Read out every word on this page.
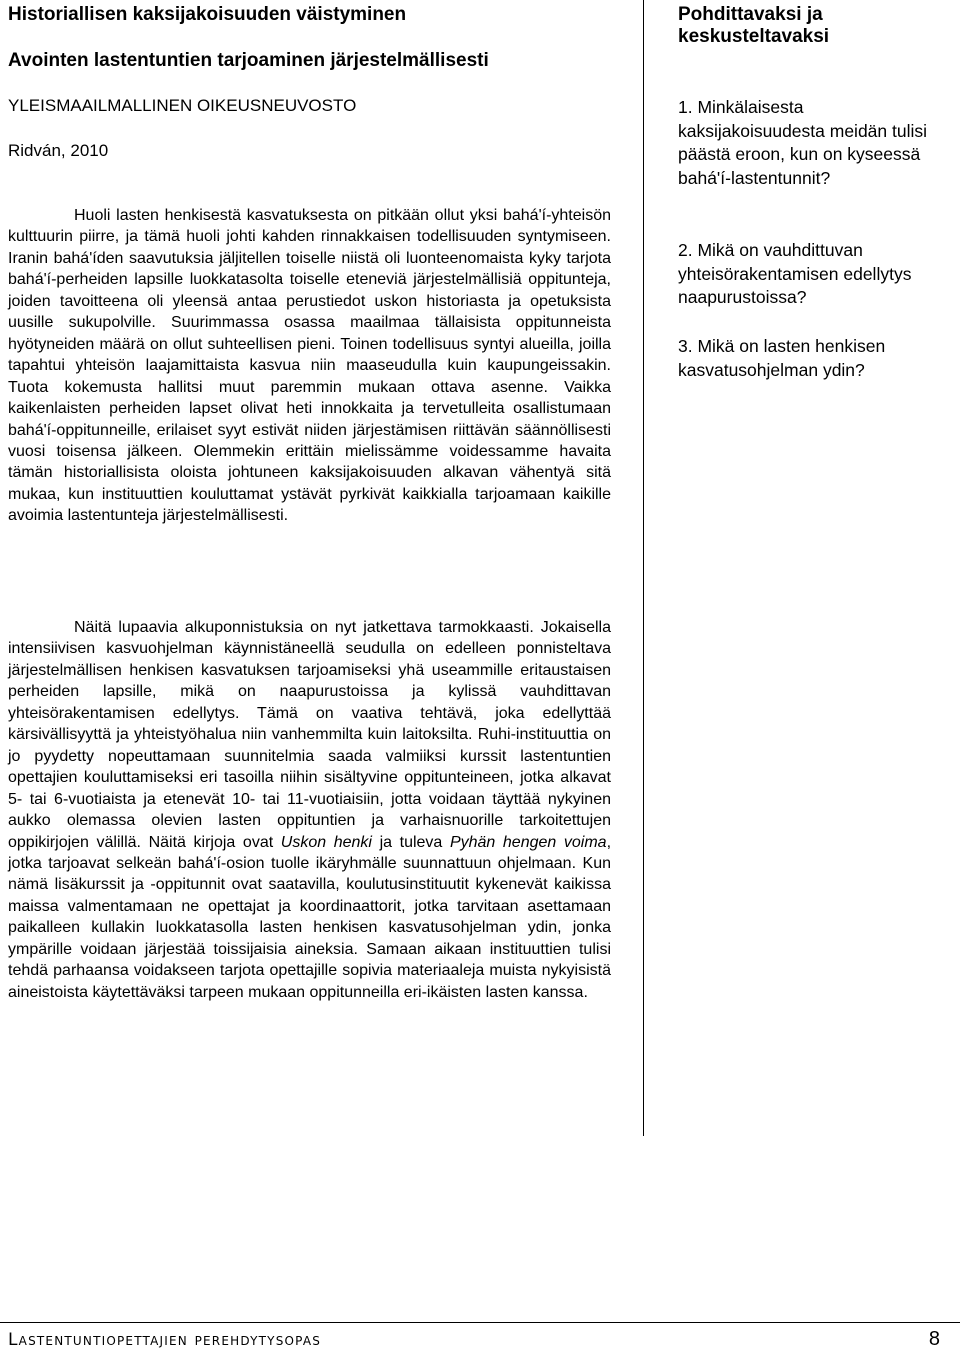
Historiallisen kaksijakoisuuden väistyminen
Avointen lastentuntien tarjoaminen järjestelmällisesti
YLEISMAAILMALLINEN OIKEUSNEUVOSTO
Ridván, 2010

Huoli lasten henkisestä kasvatuksesta on pitkään ollut yksi bahá'í-yhteisön kulttuurin piirre, ja tämä huoli johti kahden rinnakkaisen todellisuuden syntymiseen. Iranin bahá'íden saavutuksia jäljitellen toiselle niistä oli luonteenomaista kyky tarjota bahá'í-perheiden lapsille luokkatasolta toiselle eteneviä järjestelmällisiä oppitunteja, joiden tavoitteena oli yleensä antaa perustiedot uskon historiasta ja opetuksista uusille sukupolville. Suurimmassa osassa maailmaa tällaisista oppitunneista hyötyneiden määrä on ollut suhteellisen pieni. Toinen todellisuus syntyi alueilla, joilla tapahtui yhteisön laajamittaista kasvua niin maaseudulla kuin kaupungeissakin. Tuota kokemusta hallitsi muut paremmin mukaan ottava asenne. Vaikka kaikenlaisten perheiden lapset olivat heti innokkaita ja tervetulleita osallistumaan bahá'í-oppitunneille, erilaiset syyt estivät niiden järjestämisen riittävän säännöllisesti vuosi toisensa jälkeen. Olemmekin erittäin mielissämme voidessamme havaita tämän historiallisista oloista johtuneen kaksijakoisuuden alkavan vähentyä sitä mukaa, kun instituuttien kouluttamat ystävät pyrkivät kaikkialla tarjoamaan kaikille avoimia lastentunteja järjestelmällisesti.

Näitä lupaavia alkuponnistuksia on nyt jatkettava tarmokkaasti. Jokaisella intensiivisen kasvuohjelman käynnistäneellä seudulla on edelleen ponnisteltava järjestelmällisen henkisen kasvatuksen tarjoamiseksi yhä useammille eritaustaisen perheiden lapsille, mikä on naapurustoissa ja kylissä vauhdittavan yhteisörakentamisen edellytys. Tämä on vaativa tehtävä, joka edellyttää kärsivällisyyttä ja yhteistyöhalua niin vanhemmilta kuin laitoksilta. Ruhi-instituuttia on jo pyydetty nopeuttamaan suunnitelmia saada valmiiksi kurssit lastentuntien opettajien kouluttamiseksi eri tasoilla niihin sisältyvine oppitunteineen, jotka alkavat 5- tai 6-vuotiaista ja etenevät 10- tai 11-vuotiaisiin, jotta voidaan täyttää nykyinen aukko olemassa olevien lasten oppituntien ja varhaisnuorille tarkoitettujen oppikirjojen välillä. Näitä kirjoja ovat Uskon henki ja tuleva Pyhän hengen voima, jotka tarjoavat selkeän bahá'í-osion tuolle ikäryhmälle suunnattuun ohjelmaan. Kun nämä lisäkurssit ja -oppitunnit ovat saatavilla, koulutusinstituutit kykenevät kaikissa maissa valmentamaan ne opettajat ja koordinaattorit, jotka tarvitaan asettamaan paikalleen kullakin luokkatasolla lasten henkisen kasvatusohjelman ydin, jonka ympärille voidaan järjestää toissijaisia aineksia. Samaan aikaan instituuttien tulisi tehdä parhaansa voidakseen tarjota opettajille sopivia materiaaleja muista nykyisistä aineistoista käytettäväksi tarpeen mukaan oppitunneilla eri-ikäisten lasten kanssa.

Pohdittavaksi ja keskusteltavaksi

1. Minkälaisesta kaksijakoisuudesta meidän tulisi päästä eroon, kun on kyseessä bahá'í-lastentunnit?

2. Mikä on vauhdittuvan yhteisörakentamisen edellytys naapurustoissa?

3. Mikä on lasten henkisen kasvatusohjelman ydin?

Lastentuntiopettajien perehdytysopas	8
